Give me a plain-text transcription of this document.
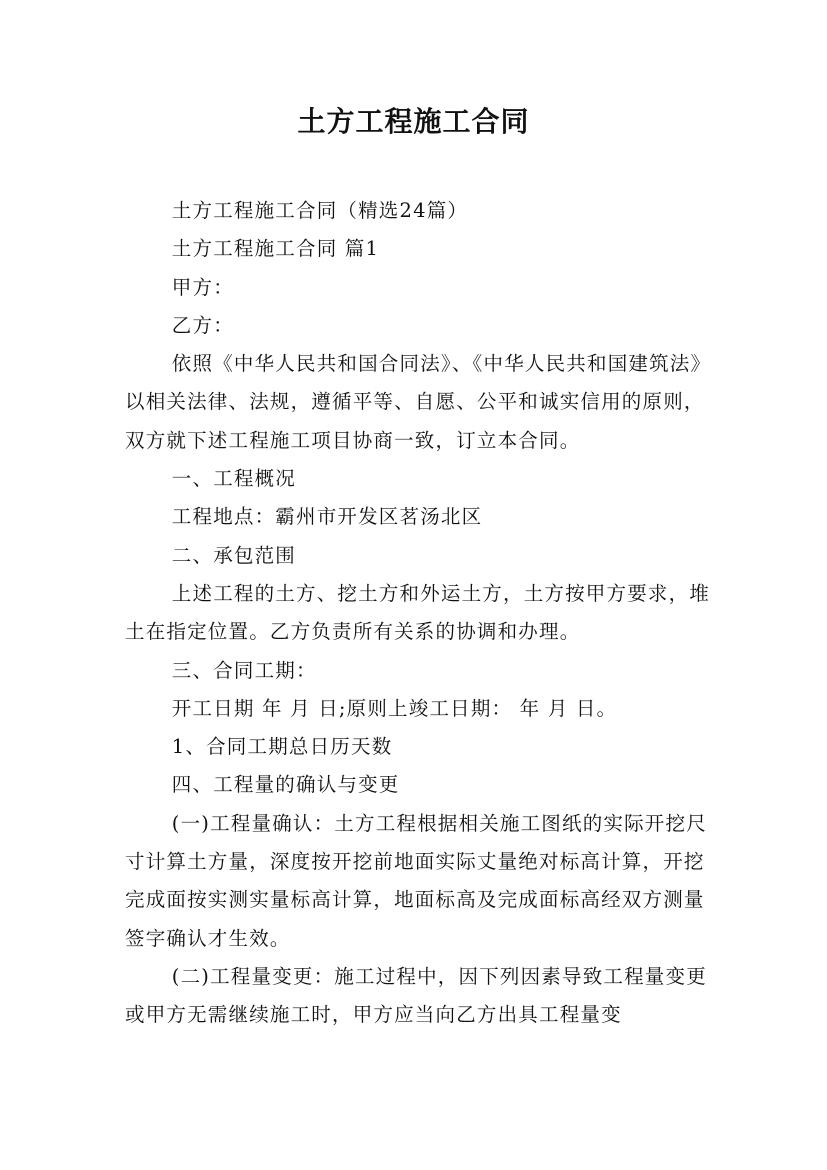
土方工程施工合同

土方工程施工合同（精选24篇）

土方工程施工合同 篇1

甲方：

乙方：

依照《中华人民共和国合同法》、《中华人民共和国建筑法》以相关法律、法规，遵循平等、自愿、公平和诚实信用的原则，双方就下述工程施工项目协商一致，订立本合同。

一、工程概况

工程地点：霸州市开发区茗汤北区

二、承包范围

上述工程的土方、挖土方和外运土方，土方按甲方要求，堆土在指定位置。乙方负责所有关系的协调和办理。

三、合同工期：

开工日期 年 月 日;原则上竣工日期： 年 月 日。

1、合同工期总日历天数

四、工程量的确认与变更

(一)工程量确认：土方工程根据相关施工图纸的实际开挖尺寸计算土方量，深度按开挖前地面实际丈量绝对标高计算，开挖完成面按实测实量标高计算，地面标高及完成面标高经双方测量签字确认才生效。

(二)工程量变更：施工过程中，因下列因素导致工程量变更或甲方无需继续施工时，甲方应当向乙方出具工程量变
